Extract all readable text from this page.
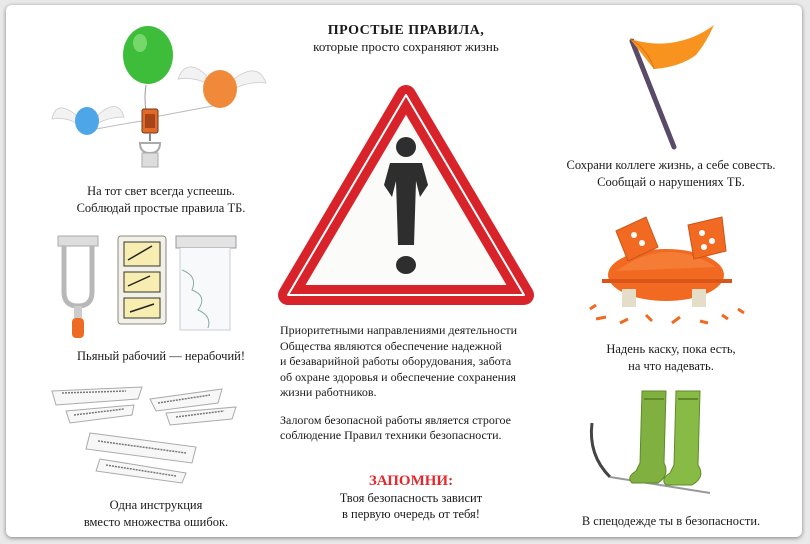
ПРОСТЫЕ ПРАВИЛА,
которые просто сохраняют жизнь
На тот свет всегда успеешь.
Соблюдай простые правила ТБ.
Пьяный рабочий — нерабочий!
Одна инструкция
вместо множества ошибок.

Приоритетными направлениями деятельности

Общества являются обеспечение надежной

и безаварийной работы оборудования, забота

об охране здоровья и обеспечение сохранения

жизни работников.

Залогом безопасной работы является строгое

соблюдение Правил техники безопасности.

ЗАПОМНИ:
Твоя безопасность зависит
в первую очередь от тебя!
Сохрани коллеге жизнь, а себе совесть.
Сообщай о нарушениях ТБ.
Надень каску, пока есть,
на что надевать.
В спецодежде ты в безопасности.
